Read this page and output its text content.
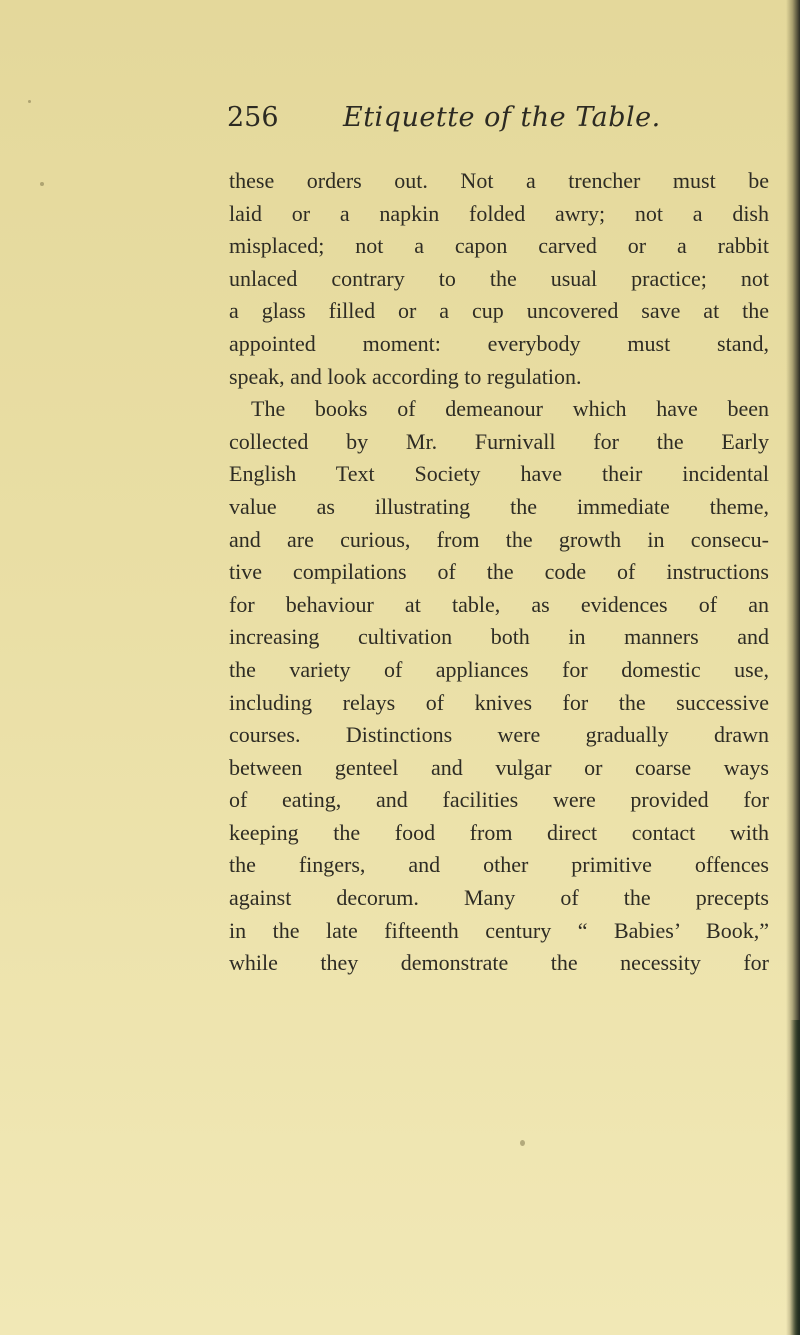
256 Etiquette of the Table.
these orders out. Not a trencher must be
laid or a napkin folded awry; not a dish
misplaced; not a capon carved or a rabbit
unlaced contrary to the usual practice; not
a glass filled or a cup uncovered save at the
appointed moment: everybody must stand,
speak, and look according to regulation.
The books of demeanour which have been
collected by Mr. Furnivall for the Early
English Text Society have their incidental
value as illustrating the immediate theme,
and are curious, from the growth in consecu-
tive compilations of the code of instructions
for behaviour at table, as evidences of an
increasing cultivation both in manners and
the variety of appliances for domestic use,
including relays of knives for the successive
courses. Distinctions were gradually drawn
between genteel and vulgar or coarse ways
of eating, and facilities were provided for
keeping the food from direct contact with
the fingers, and other primitive offences
against decorum. Many of the precepts
in the late fifteenth century “ Babies’ Book,”
while they demonstrate the necessity for
